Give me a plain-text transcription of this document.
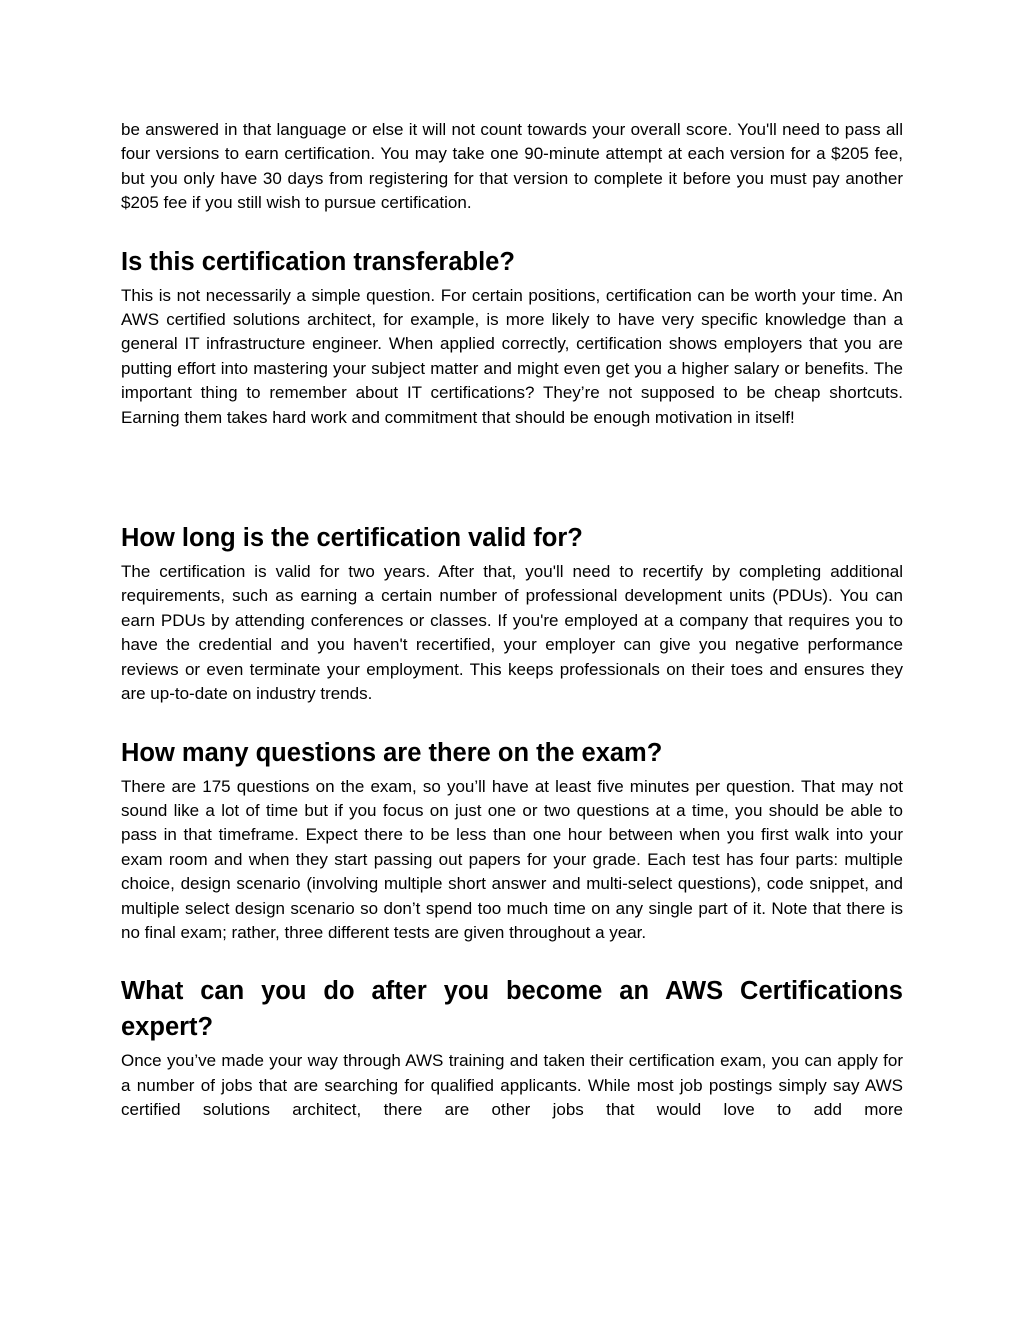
be answered in that language or else it will not count towards your overall score. You'll need to pass all four versions to earn certification. You may take one 90-minute attempt at each version for a $205 fee, but you only have 30 days from registering for that version to complete it before you must pay another $205 fee if you still wish to pursue certification.

Is this certification transferable?

This is not necessarily a simple question. For certain positions, certification can be worth your time. An AWS certified solutions architect, for example, is more likely to have very specific knowledge than a general IT infrastructure engineer. When applied correctly, certification shows employers that you are putting effort into mastering your subject matter and might even get you a higher salary or benefits. The important thing to remember about IT certifications? They’re not supposed to be cheap shortcuts. Earning them takes hard work and commitment that should be enough motivation in itself!

How long is the certification valid for?

The certification is valid for two years. After that, you'll need to recertify by completing additional requirements, such as earning a certain number of professional development units (PDUs). You can earn PDUs by attending conferences or classes. If you're employed at a company that requires you to have the credential and you haven't recertified, your employer can give you negative performance reviews or even terminate your employment. This keeps professionals on their toes and ensures they are up-to-date on industry trends.

How many questions are there on the exam?

There are 175 questions on the exam, so you’ll have at least five minutes per question. That may not sound like a lot of time but if you focus on just one or two questions at a time, you should be able to pass in that timeframe. Expect there to be less than one hour between when you first walk into your exam room and when they start passing out papers for your grade. Each test has four parts: multiple choice, design scenario (involving multiple short answer and multi-select questions), code snippet, and multiple select design scenario so don’t spend too much time on any single part of it. Note that there is no final exam; rather, three different tests are given throughout a year.

What can you do after you become an AWS Certifications expert?

Once you’ve made your way through AWS training and taken their certification exam, you can apply for a number of jobs that are searching for qualified applicants. While most job postings simply say AWS certified solutions architect, there are other jobs that would love to add more
